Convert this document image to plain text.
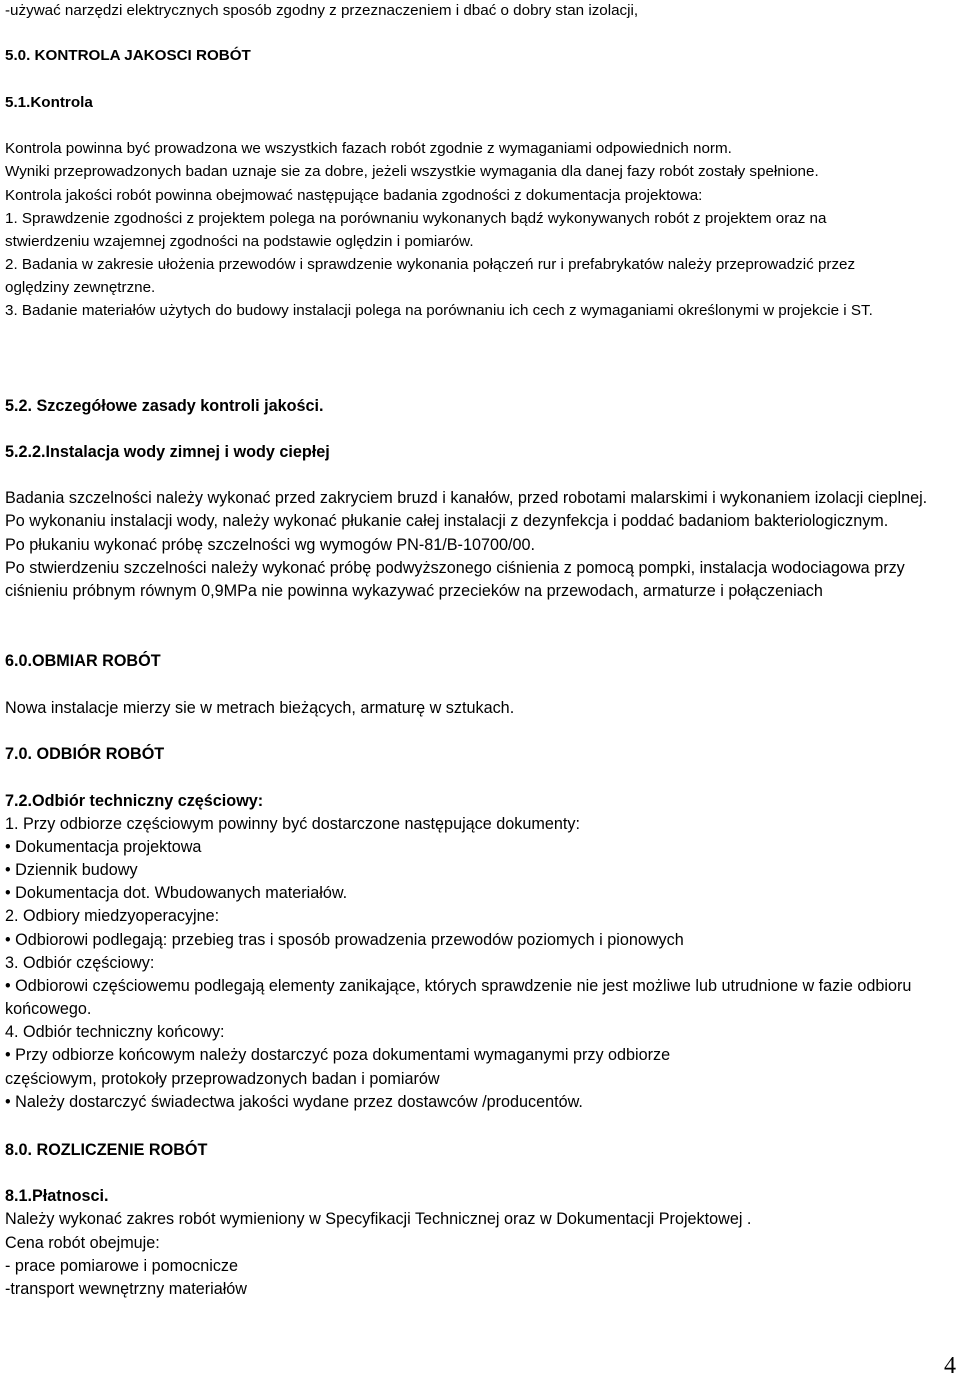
-używać narzędzi elektrycznych sposób zgodny z przeznaczeniem i dbać o dobry stan izolacji,
5.0. KONTROLA JAKOSCI ROBÓT
5.1.Kontrola
Kontrola powinna być prowadzona we wszystkich fazach robót zgodnie z wymaganiami odpowiednich norm.
Wyniki przeprowadzonych badan uznaje sie za dobre, jeżeli wszystkie wymagania dla danej fazy robót zostały spełnione.
Kontrola jakości robót powinna obejmować następujące badania zgodności z dokumentacja projektowa:
1. Sprawdzenie zgodności z projektem polega na porównaniu wykonanych bądź wykonywanych robót z projektem oraz na
stwierdzeniu wzajemnej zgodności na podstawie oględzin i pomiarów.
2. Badania w zakresie ułożenia przewodów i sprawdzenie wykonania połączeń rur i prefabrykatów należy przeprowadzić przez
oględziny zewnętrzne.
3. Badanie materiałów użytych do budowy instalacji polega na porównaniu ich cech z wymaganiami określonymi w projekcie i ST.
5.2. Szczegółowe zasady kontroli jakości.
5.2.2.Instalacja wody zimnej i wody ciepłej
Badania szczelności należy wykonać przed zakryciem bruzd i kanałów, przed robotami malarskimi i wykonaniem izolacji cieplnej.
Po wykonaniu instalacji wody, należy wykonać płukanie całej instalacji z dezynfekcja i poddać badaniom bakteriologicznym.
Po płukaniu wykonać próbę szczelności wg wymogów PN-81/B-10700/00.
Po stwierdzeniu szczelności należy wykonać próbę podwyższonego ciśnienia z pomocą pompki, instalacja wodociagowa przy
ciśnieniu próbnym równym 0,9MPa nie powinna wykazywać przecieków na przewodach, armaturze i połączeniach
6.0.OBMIAR ROBÓT
Nowa instalacje mierzy sie w metrach bieżących, armaturę w sztukach.
7.0. ODBIÓR ROBÓT
7.2.Odbiór techniczny częściowy:
1. Przy odbiorze częściowym powinny być dostarczone następujące dokumenty:
• Dokumentacja projektowa
• Dziennik budowy
• Dokumentacja dot. Wbudowanych materiałów.
2. Odbiory miedzyoperacyjne:
• Odbiorowi podlegają: przebieg tras i sposób prowadzenia przewodów poziomych i pionowych
3. Odbiór częściowy:
• Odbiorowi częściowemu podlegają elementy zanikające, których sprawdzenie nie jest możliwe lub utrudnione w fazie odbioru
końcowego.
4. Odbiór techniczny końcowy:
• Przy odbiorze końcowym należy dostarczyć poza dokumentami wymaganymi przy odbiorze
częściowym, protokoły przeprowadzonych badan i pomiarów
• Należy dostarczyć świadectwa jakości wydane przez dostawców /producentów.
8.0. ROZLICZENIE ROBÓT
8.1.Płatnosci.
Należy wykonać zakres robót wymieniony w Specyfikacji Technicznej oraz w Dokumentacji Projektowej .
Cena robót obejmuje:
- prace pomiarowe i pomocnicze
-transport wewnętrzny materiałów
4
